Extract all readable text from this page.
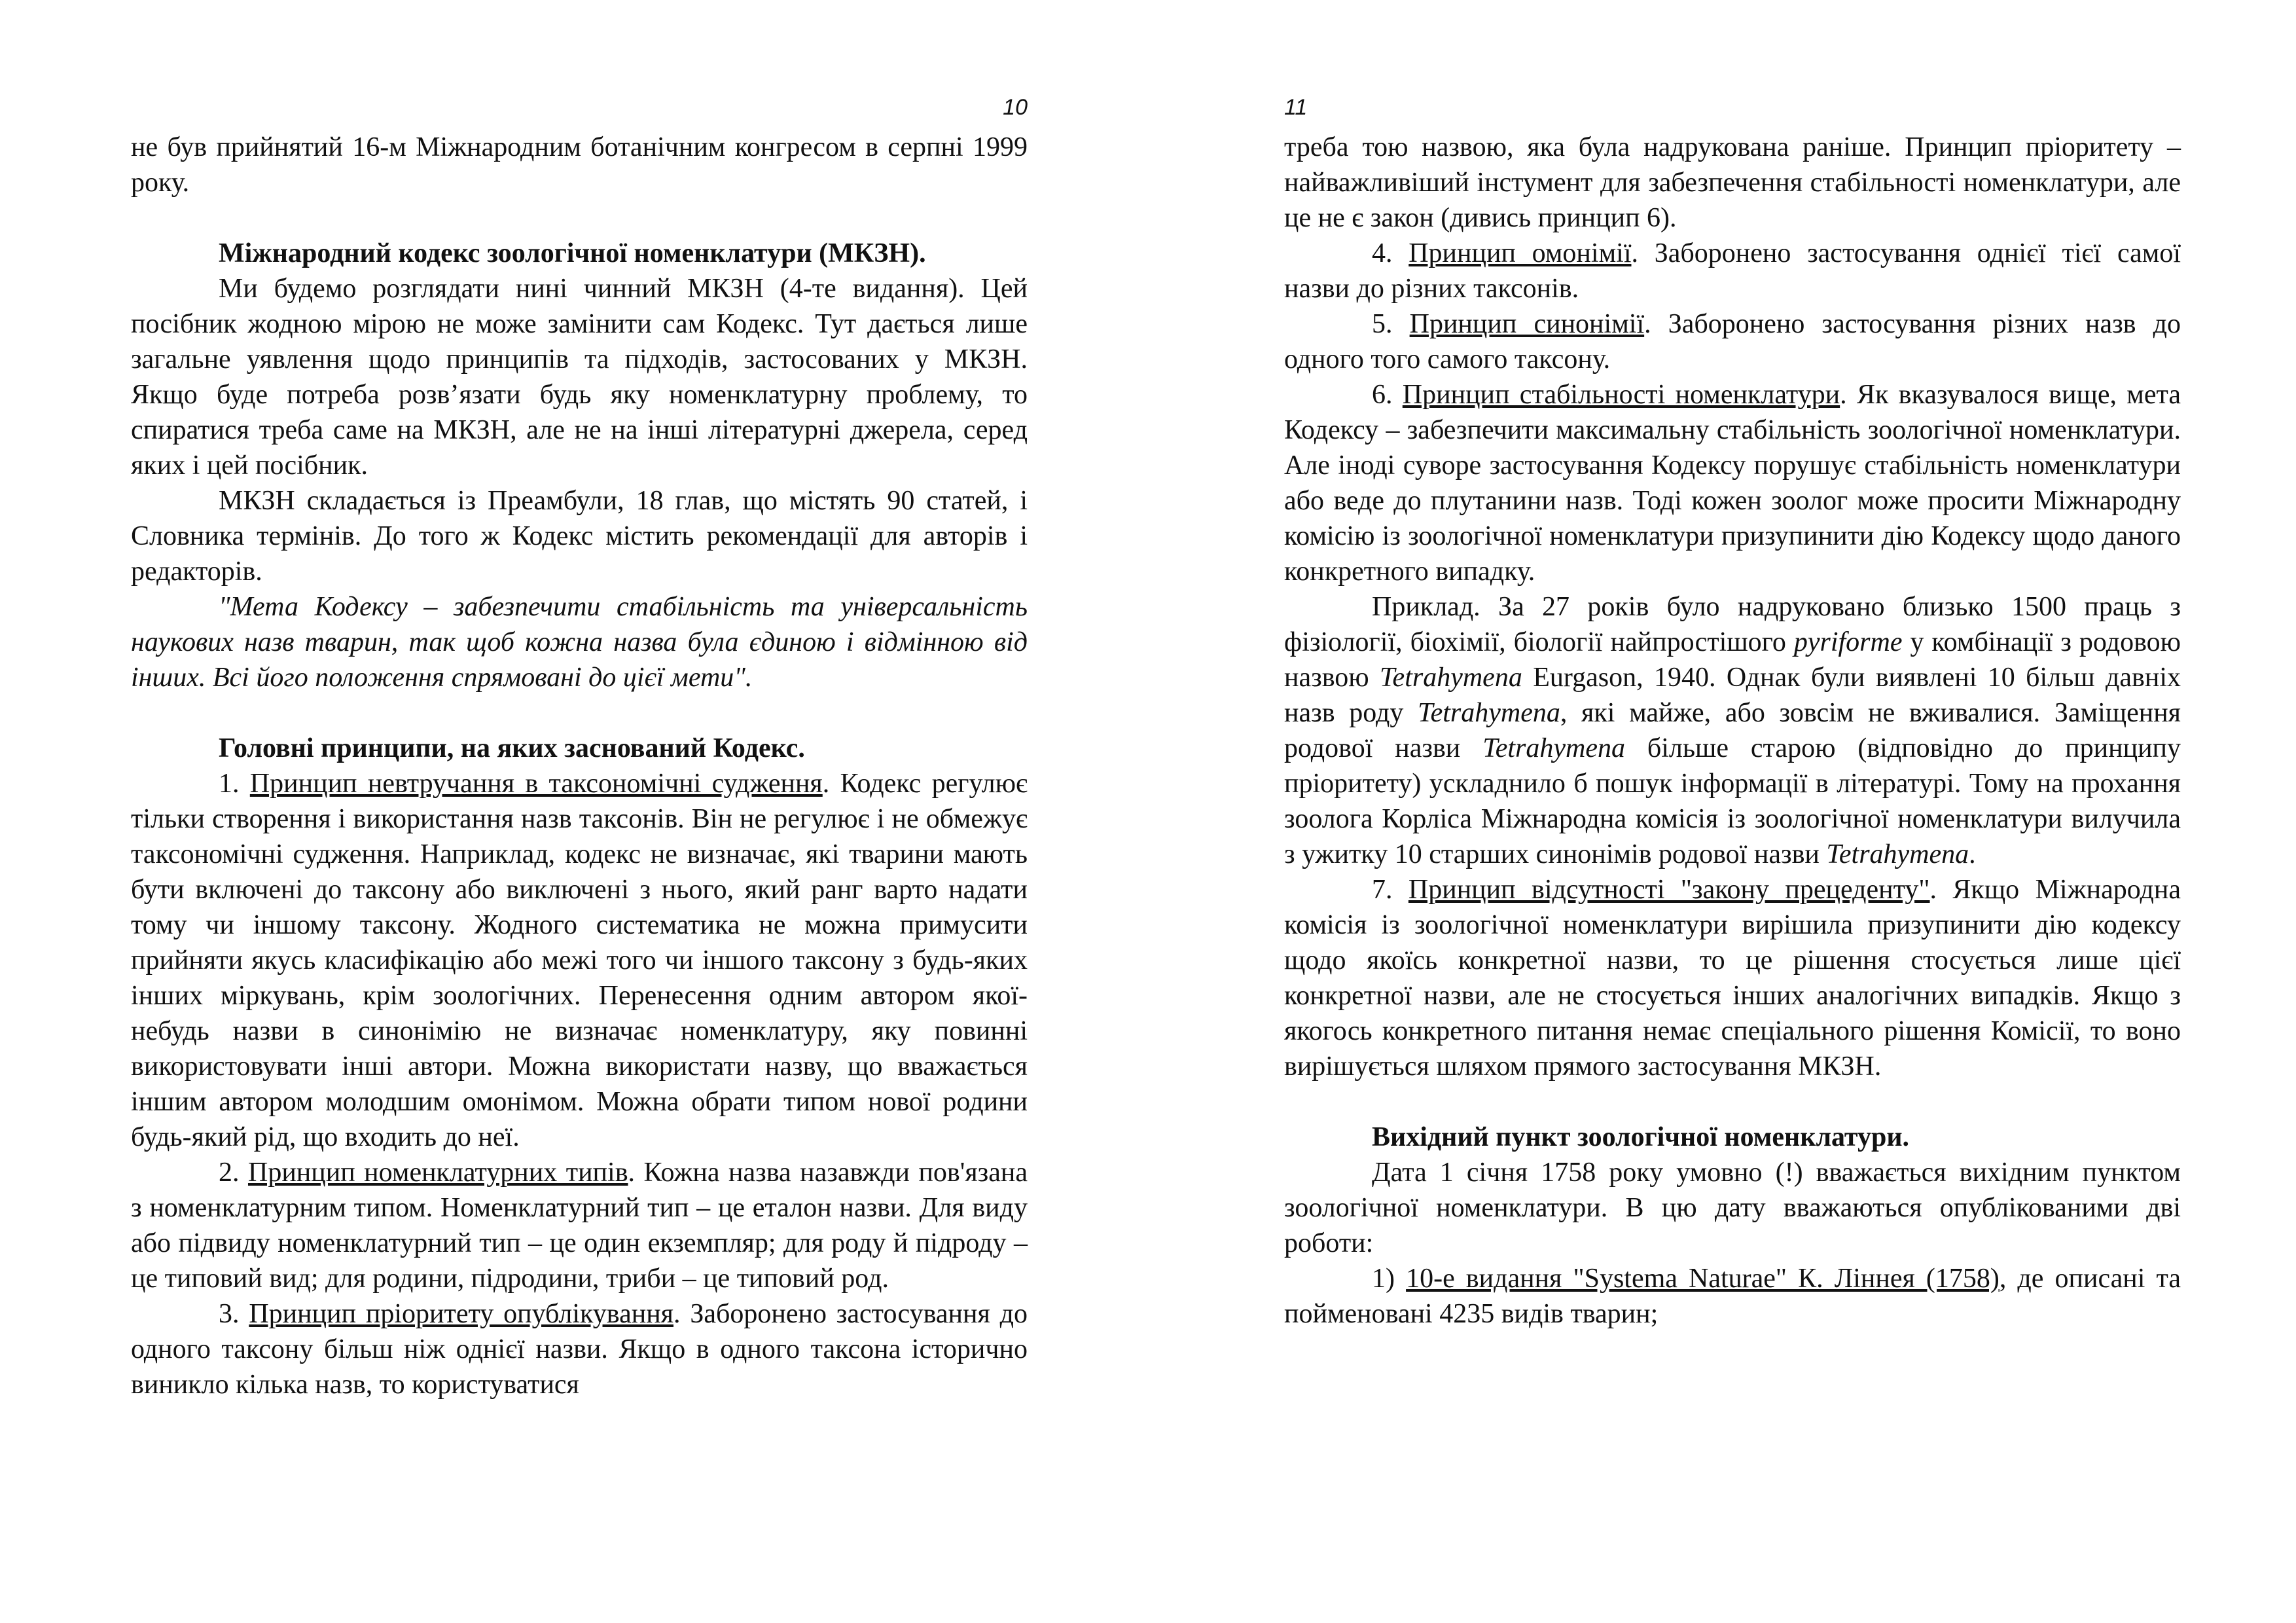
10

не був прийнятий 16-м Міжнародним ботанічним конгресом в серпні 1999 року.

Міжнародний кодекс зоологічної номенклатури (МКЗН).

Ми будемо розглядати нині чинний МКЗН (4-те видання). Цей посібник жодною мірою не може замінити сам Кодекс. Тут дається лише загальне уявлення щодо принципів та підходів, застосованих у МКЗН. Якщо буде потреба розв’язати будь яку номенклатурну проблему, то спиратися треба саме на МКЗН, але не на інші літературні джерела, серед яких і цей посібник.

МКЗН складається із Преамбули, 18 глав, що містять 90 статей, і Словника термінів. До того ж Кодекс містить рекомендації для авторів і редакторів.

"Мета Кодексу – забезпечити стабільність та універсальність наукових назв тварин, так щоб кожна назва була єдиною і відмінною від інших. Всі його положення спрямовані до цієї мети".

Головні принципи, на яких заснований Кодекс.

1. Принцип невтручання в таксономічні судження. Кодекс регулює тільки створення і використання назв таксонів. Він не регулює і не обмежує таксономічні судження. Наприклад, кодекс не визначає, які тварини мають бути включені до таксону або виключені з нього, який ранг варто надати тому чи іншому таксону. Жодного систематика не можна примусити прийняти якусь класифікацію або межі того чи іншого таксону з будь-яких інших міркувань, крім зоологічних. Перенесення одним автором якої-небудь назви в синонімію не визначає номенклатуру, яку повинні використовувати інші автори. Можна використати назву, що вважається іншим автором молодшим омонімом. Можна обрати типом нової родини будь-який рід, що входить до неї.

2. Принцип номенклатурних типів. Кожна назва назавжди пов'язана з номенклатурним типом. Номенклатурний тип – це еталон назви. Для виду або підвиду номенклатурний тип – це один екземпляр; для роду й підроду – це типовий вид; для родини, підродини, триби – це типовий род.

3. Принцип пріоритету опублікування. Заборонено застосування до одного таксону більш ніж однієї назви. Якщо в одного таксона історично виникло кілька назв, то користуватися

11

треба тою назвою, яка була надрукована раніше. Принцип пріоритету – найважливіший інстумент для забезпечення стабільності номенклатури, але це не є закон (дивись принцип 6).

4. Принцип омонімії. Заборонено застосування однієї тієї самої назви до різних таксонів.

5. Принцип синонімії. Заборонено застосування різних назв до одного того самого таксону.

6. Принцип стабільності номенклатури. Як вказувалося вище, мета Кодексу – забезпечити максимальну стабільність зоологічної номенклатури. Але іноді суворе застосування Кодексу порушує стабільність номенклатури або веде до плутанини назв. Тоді кожен зоолог може просити Міжнародну комісію із зоологічної номенклатури призупинити дію Кодексу щодо даного конкретного випадку.

Приклад. За 27 років було надруковано близько 1500 праць з фізіології, біохімії, біології найпростішого pyriforme у комбінації з родовою назвою Tetrahymena Eurgason, 1940. Однак були виявлені 10 більш давніх назв роду Tetrahymena, які майже, або зовсім не вживалися. Заміщення родової назви Tetrahymena більше старою (відповідно до принципу пріоритету) ускладнило б пошук інформації в літературі. Тому на прохання зоолога Корліса Міжнародна комісія із зоологічної номенклатури вилучила з ужитку 10 старших синонімів родової назви Tetrahymena.

7. Принцип відсутності "закону прецеденту". Якщо Міжнародна комісія із зоологічної номенклатури вирішила призупинити дію кодексу щодо якоїсь конкретної назви, то це рішення стосується лише цієї конкретної назви, але не стосується інших аналогічних випадків. Якщо з якогось конкретного питання немає спеціального рішення Комісії, то воно вирішується шляхом прямого застосування МКЗН.

Вихідний пункт зоологічної номенклатури.

Дата 1 січня 1758 року умовно (!) вважається вихідним пунктом зоологічної номенклатури. В цю дату вважаються опублікованими дві роботи:

1) 10-е видання "Systema Naturae" К. Ліннея (1758), де описані та пойменовані 4235 видів тварин;
